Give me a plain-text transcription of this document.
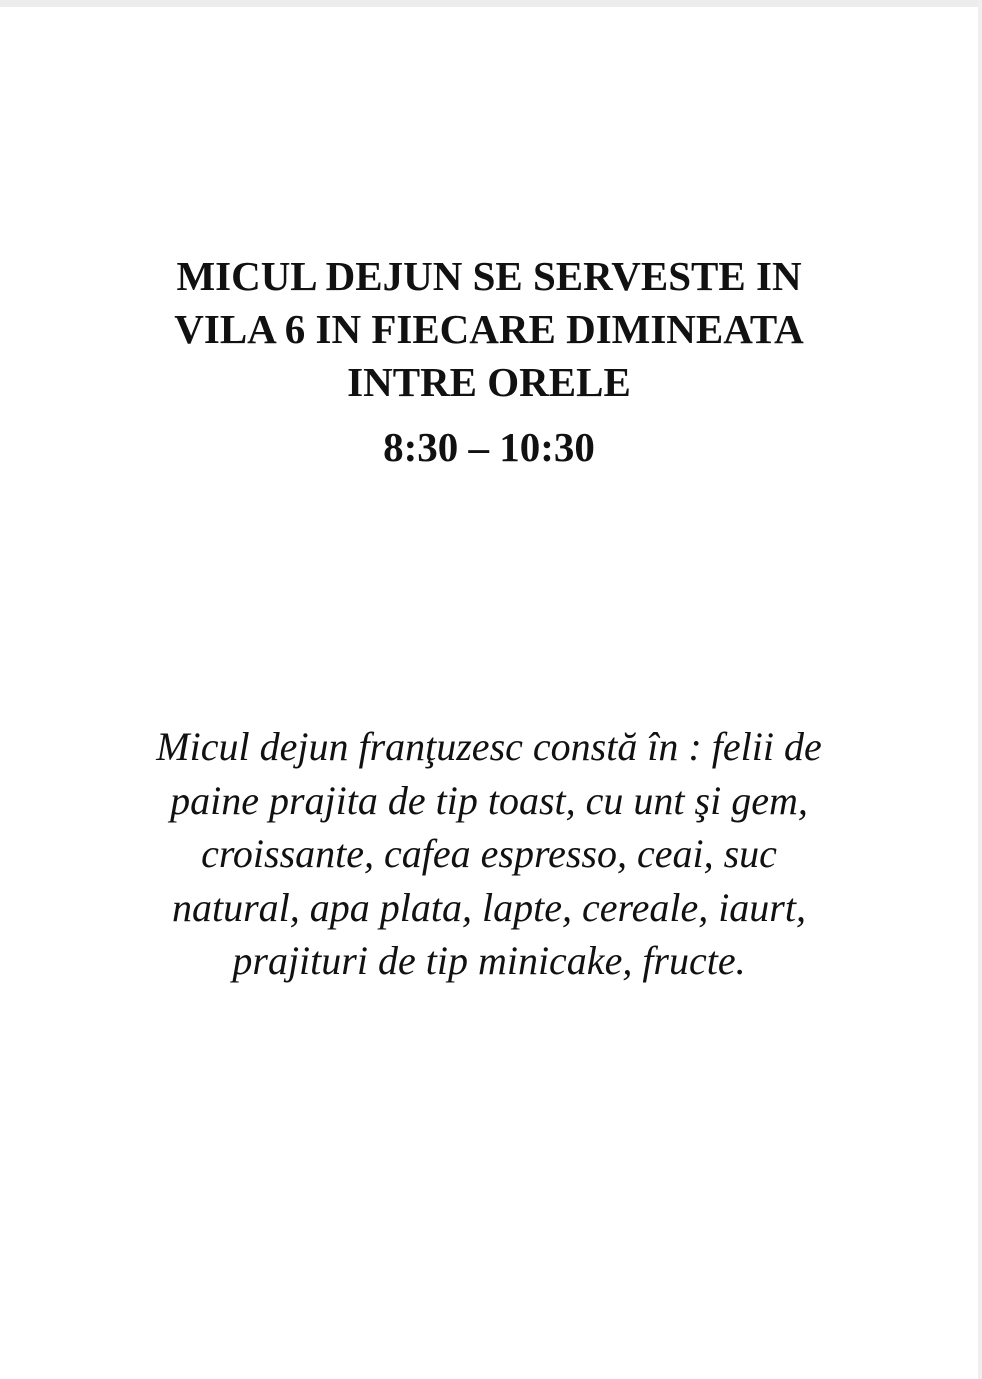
MICUL DEJUN SE SERVESTE IN
VILA 6 IN FIECARE DIMINEATA
INTRE ORELE
8:30 – 10:30
Micul dejun franţuzesc constă în : felii de
paine prajita de tip toast, cu unt şi gem,
croissante, cafea espresso, ceai, suc
natural, apa plata, lapte, cereale, iaurt,
prajituri de tip minicake, fructe.
